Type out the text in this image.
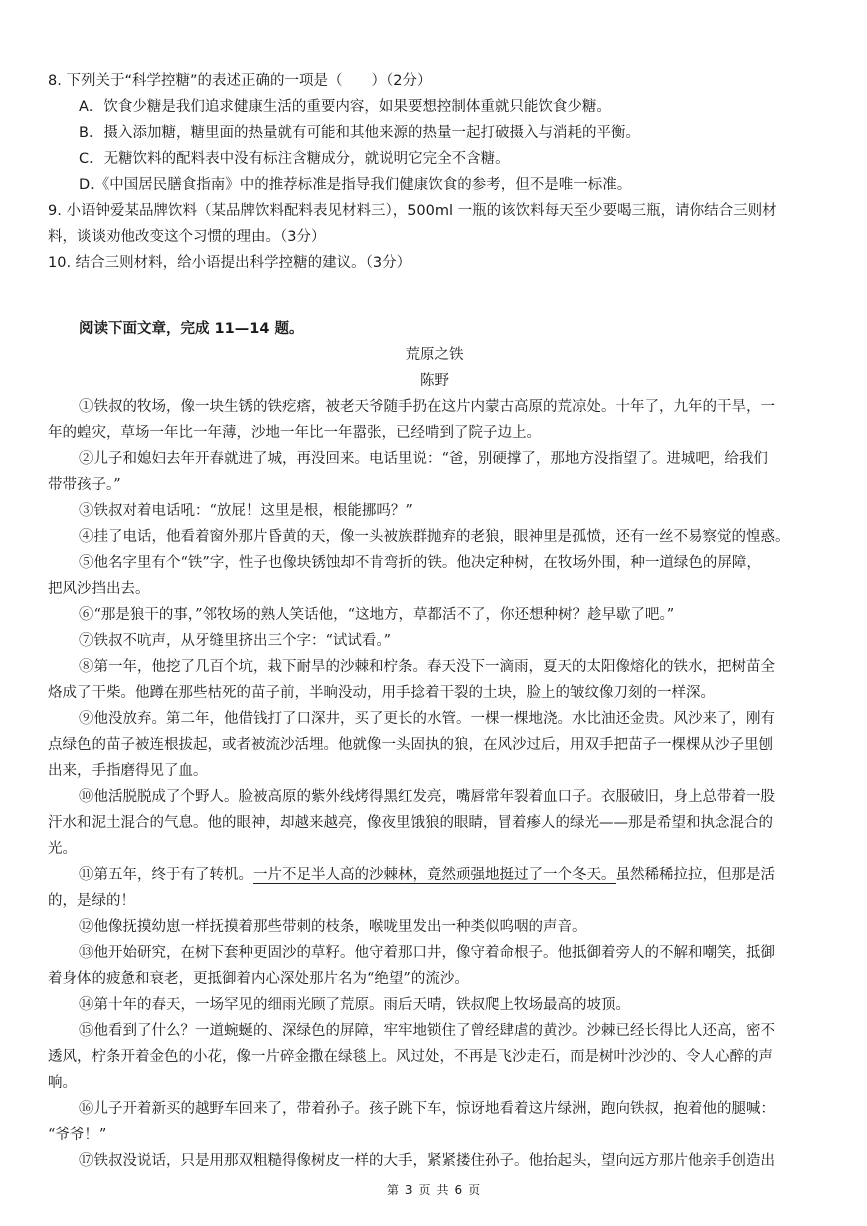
8. 下列关于“科学控糖”的表述正确的一项是（　　）（2分）
A．饮食少糖是我们追求健康生活的重要内容，如果要想控制体重就只能饮食少糖。
B．摄入添加糖，糖里面的热量就有可能和其他来源的热量一起打破摄入与消耗的平衡。
C．无糖饮料的配料表中没有标注含糖成分，就说明它完全不含糖。
D.《中国居民膳食指南》中的推荐标准是指导我们健康饮食的参考，但不是唯一标准。
9. 小语钟爱某品牌饮料（某品牌饮料配料表见材料三），500ml 一瓶的该饮料每天至少要喝三瓶，请你结合三则材
料，谈谈劝他改变这个习惯的理由。（3分）
10. 结合三则材料，给小语提出科学控糖的建议。（3分）
阅读下面文章，完成 11—14 题。
荒原之铁
陈野
①铁叔的牧场，像一块生锈的铁疙瘩，被老天爷随手扔在这片内蒙古高原的荒凉处。十年了，九年的干旱，一
年的蝗灾，草场一年比一年薄，沙地一年比一年嚣张，已经啃到了院子边上。
②儿子和媳妇去年开春就进了城，再没回来。电话里说：“爸，别硬撑了，那地方没指望了。进城吧，给我们
带带孩子。”
③铁叔对着电话吼：“放屁！这里是根，根能挪吗？”
④挂了电话，他看着窗外那片昏黄的天，像一头被族群抛弃的老狼，眼神里是孤愤，还有一丝不易察觉的惶惑。
⑤他名字里有个“铁”字，性子也像块锈蚀却不肯弯折的铁。他决定种树，在牧场外围，种一道绿色的屏障，
把风沙挡出去。
⑥“那是狼干的事，”邻牧场的熟人笑话他，“这地方，草都活不了，你还想种树？趁早歇了吧。”
⑦铁叔不吭声，从牙缝里挤出三个字：“试试看。”
⑧第一年，他挖了几百个坑，栽下耐旱的沙棘和柠条。春天没下一滴雨，夏天的太阳像熔化的铁水，把树苗全
烙成了干柴。他蹲在那些枯死的苗子前，半晌没动，用手捻着干裂的土块，脸上的皱纹像刀刻的一样深。
⑨他没放弃。第二年，他借钱打了口深井，买了更长的水管。一棵一棵地浇。水比油还金贵。风沙来了，刚有
点绿色的苗子被连根拔起，或者被流沙活埋。他就像一头固执的狼，在风沙过后，用双手把苗子一棵棵从沙子里刨
出来，手指磨得见了血。
⑩他活脱脱成了个野人。脸被高原的紫外线烤得黑红发亮，嘴唇常年裂着血口子。衣服破旧，身上总带着一股
汗水和泥土混合的气息。他的眼神，却越来越亮，像夜里饿狼的眼睛，冒着瘆人的绿光——那是希望和执念混合的
光。
⑪第五年，终于有了转机。一片不足半人高的沙棘林，竟然顽强地挺过了一个冬天。虽然稀稀拉拉，但那是活
的，是绿的！
⑫他像抚摸幼崽一样抚摸着那些带刺的枝条，喉咙里发出一种类似呜咽的声音。
⑬他开始研究，在树下套种更固沙的草籽。他守着那口井，像守着命根子。他抵御着旁人的不解和嘲笑，抵御
着身体的疲惫和衰老，更抵御着内心深处那片名为“绝望”的流沙。
⑭第十年的春天，一场罕见的细雨光顾了荒原。雨后天晴，铁叔爬上牧场最高的坡顶。
⑮他看到了什么？一道蜿蜒的、深绿色的屏障，牢牢地锁住了曾经肆虐的黄沙。沙棘已经长得比人还高，密不
透风，柠条开着金色的小花，像一片碎金撒在绿毯上。风过处，不再是飞沙走石，而是树叶沙沙的、令人心醉的声
响。
⑯儿子开着新买的越野车回来了，带着孙子。孩子跳下车，惊讶地看着这片绿洲，跑向铁叔，抱着他的腿喊：
“爷爷！”
⑰铁叔没说话，只是用那双粗糙得像树皮一样的大手，紧紧搂住孙子。他抬起头，望向远方那片他亲手创造出
第 3 页 共 6 页
